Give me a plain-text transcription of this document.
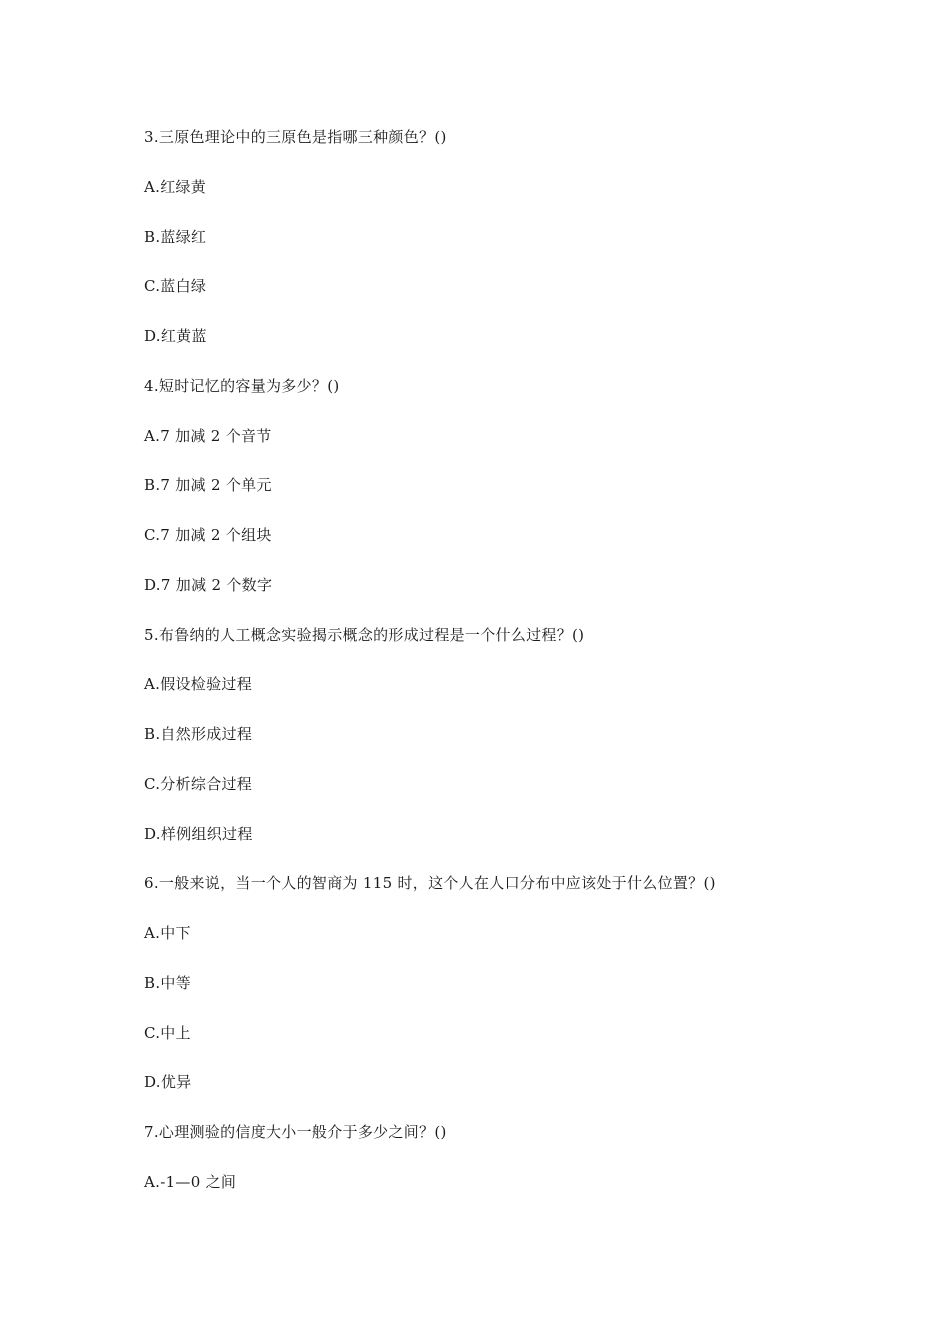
3.三原色理论中的三原色是指哪三种颜色？()
A.红绿黄
B.蓝绿红
C.蓝白绿
D.红黄蓝
4.短时记忆的容量为多少？()
A.7 加减 2 个音节
B.7 加减 2 个单元
C.7 加减 2 个组块
D.7 加减 2 个数字
5.布鲁纳的人工概念实验揭示概念的形成过程是一个什么过程？()
A.假设检验过程
B.自然形成过程
C.分析综合过程
D.样例组织过程
6.一般来说，当一个人的智商为 115 时，这个人在人口分布中应该处于什么位置？()
A.中下
B.中等
C.中上
D.优异
7.心理测验的信度大小一般介于多少之间？()
A.-1—0 之间
